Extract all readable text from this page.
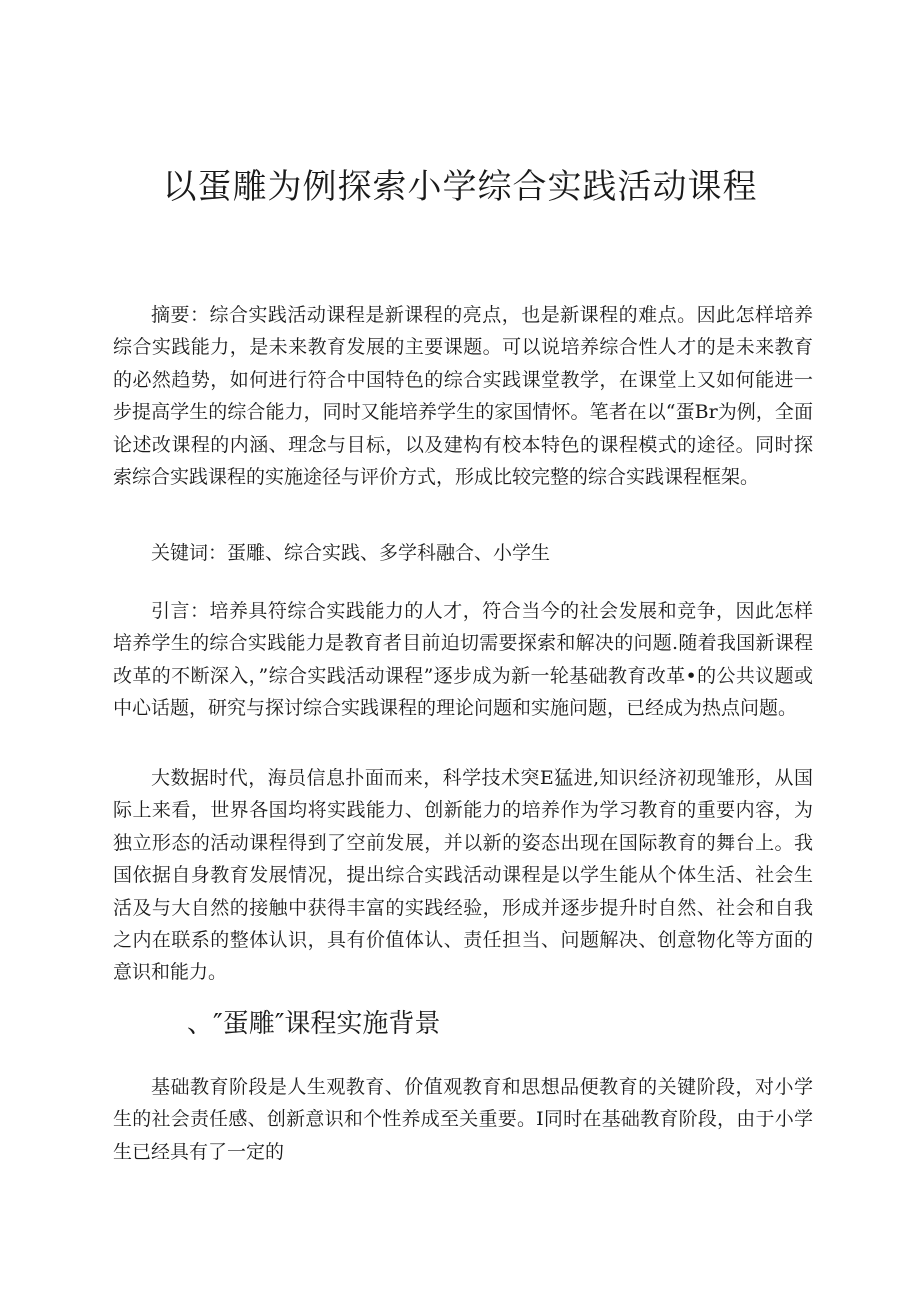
以蛋雕为例探索小学综合实践活动课程

摘要：综合实践活动课程是新课程的亮点，也是新课程的难点。因此怎样培养综合实践能力，是未来教育发展的主要课题。可以说培养综合性人才的是未来教育的必然趋势，如何进行符合中国特色的综合实践课堂教学，在课堂上又如何能进一步提高学生的综合能力，同时又能培养学生的家国情怀。笔者在以“蛋Br为例，全面论述改课程的内涵、理念与目标，以及建构有校本特色的课程模式的途径。同时探索综合实践课程的实施途径与评价方式，形成比较完整的综合实践课程框架。

关键词：蛋雕、综合实践、多学科融合、小学生

引言：培养具符综合实践能力的人才，符合当今的社会发展和竞争，因此怎样培养学生的综合实践能力是教育者目前迫切需要探索和解决的问题.随着我国新课程改革的不断深入，”综合实践活动课程”逐步成为新一轮基础教育改革•的公共议题或中心话题，研究与探讨综合实践课程的理论问题和实施问题，已经成为热点问题。

大数据时代，海员信息扑面而来，科学技术突E猛进,知识经济初现雏形，从国际上来看，世界各国均将实践能力、创新能力的培养作为学习教育的重要内容，为独立形态的活动课程得到了空前发展，并以新的姿态出现在国际教育的舞台上。我国依据自身教育发展情况，提出综合实践活动课程是以学生能从个体生活、社会生活及与大自然的接触中获得丰富的实践经验，形成并逐步提升时自然、社会和自我之内在联系的整体认识，具有价值体认、责任担当、问题解决、创意物化等方面的意识和能力。

、″蛋雕″课程实施背景

基础教育阶段是人生观教育、价值观教育和思想品便教育的关键阶段，对小学生的社会责任感、创新意识和个性养成至关重要。I同时在基础教育阶段，由于小学生已经具有了一定的
